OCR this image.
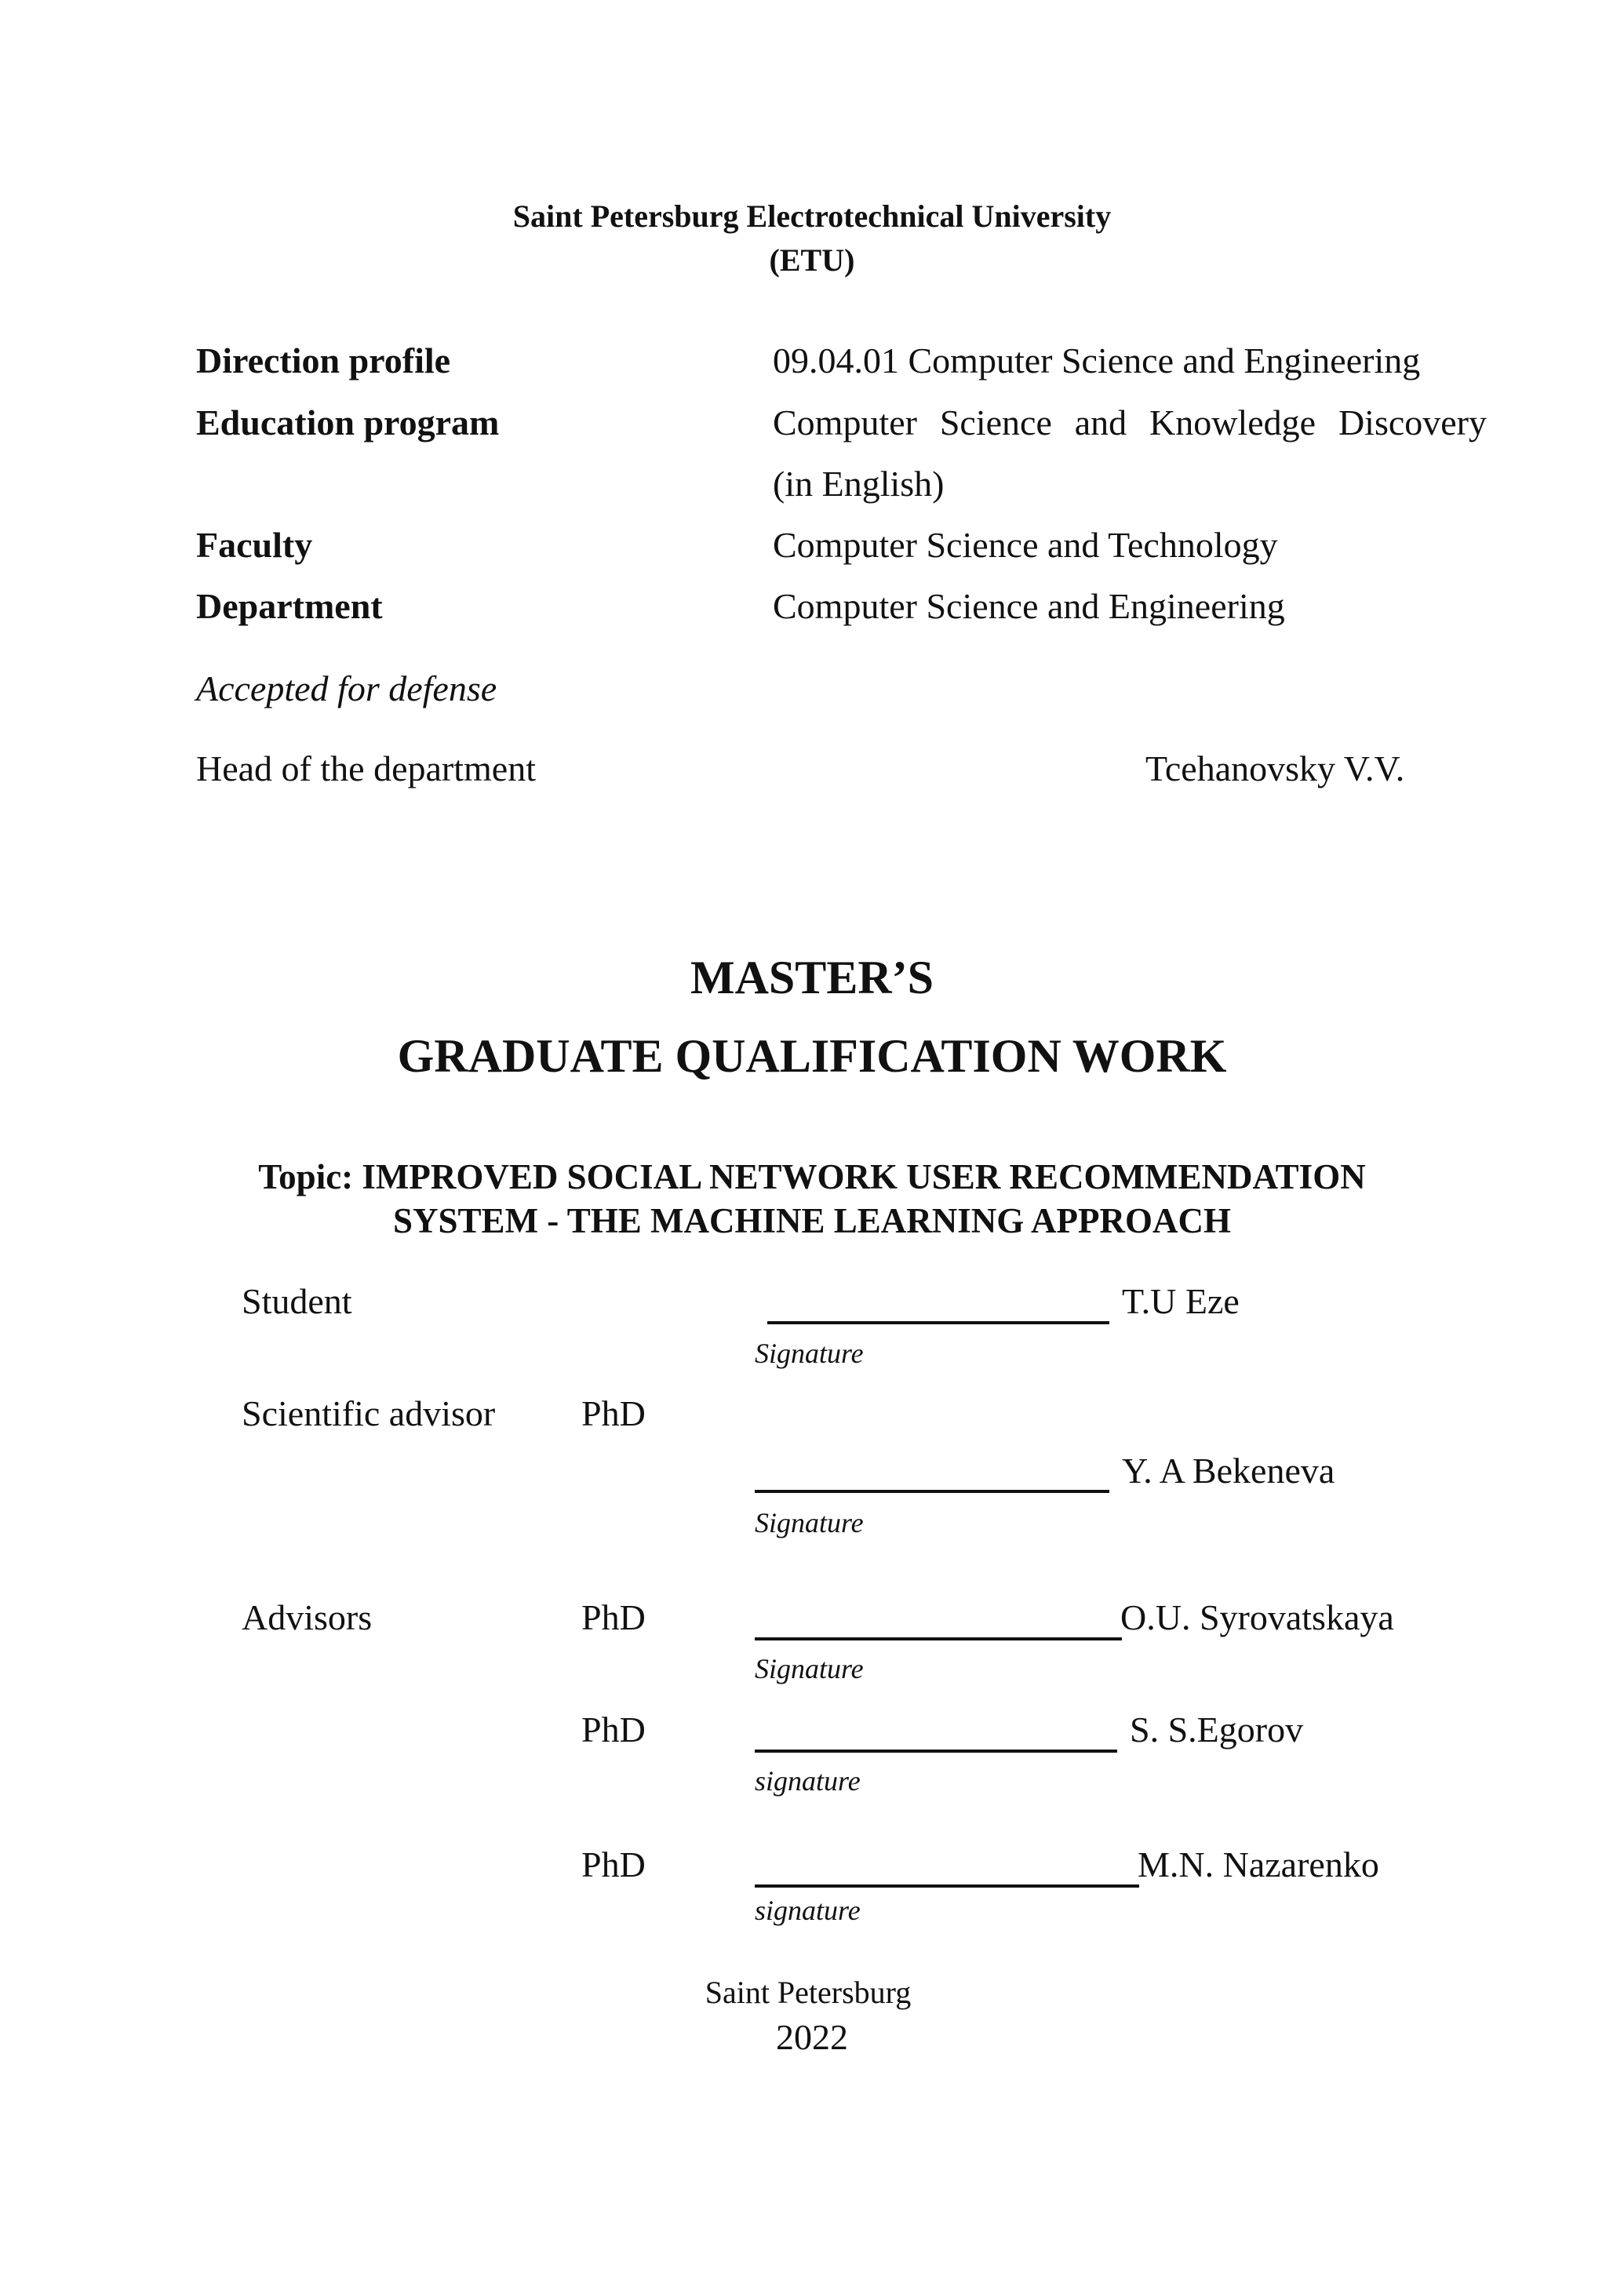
Saint Petersburg Electrotechnical University
(ETU)
Direction profile	09.04.01 Computer Science and Engineering
Education program	Computer Science and Knowledge Discovery
(in English)
Faculty	Computer Science and Technology
Department	Computer Science and Engineering
Accepted for defense
Head of the department	Tcehanovsky V.V.
MASTER’S
GRADUATE QUALIFICATION WORK
Topic: IMPROVED SOCIAL NETWORK USER RECOMMENDATION
SYSTEM - THE MACHINE LEARNING APPROACH
Student	T.U Eze
Signature
Scientific advisor PhD
Y. A Bekeneva
Signature
Advisors	PhD	O.U. Syrovatskaya
Signature
PhD	S. S.Egorov
signature
PhD	M.N. Nazarenko
signature
Saint Petersburg
2022
